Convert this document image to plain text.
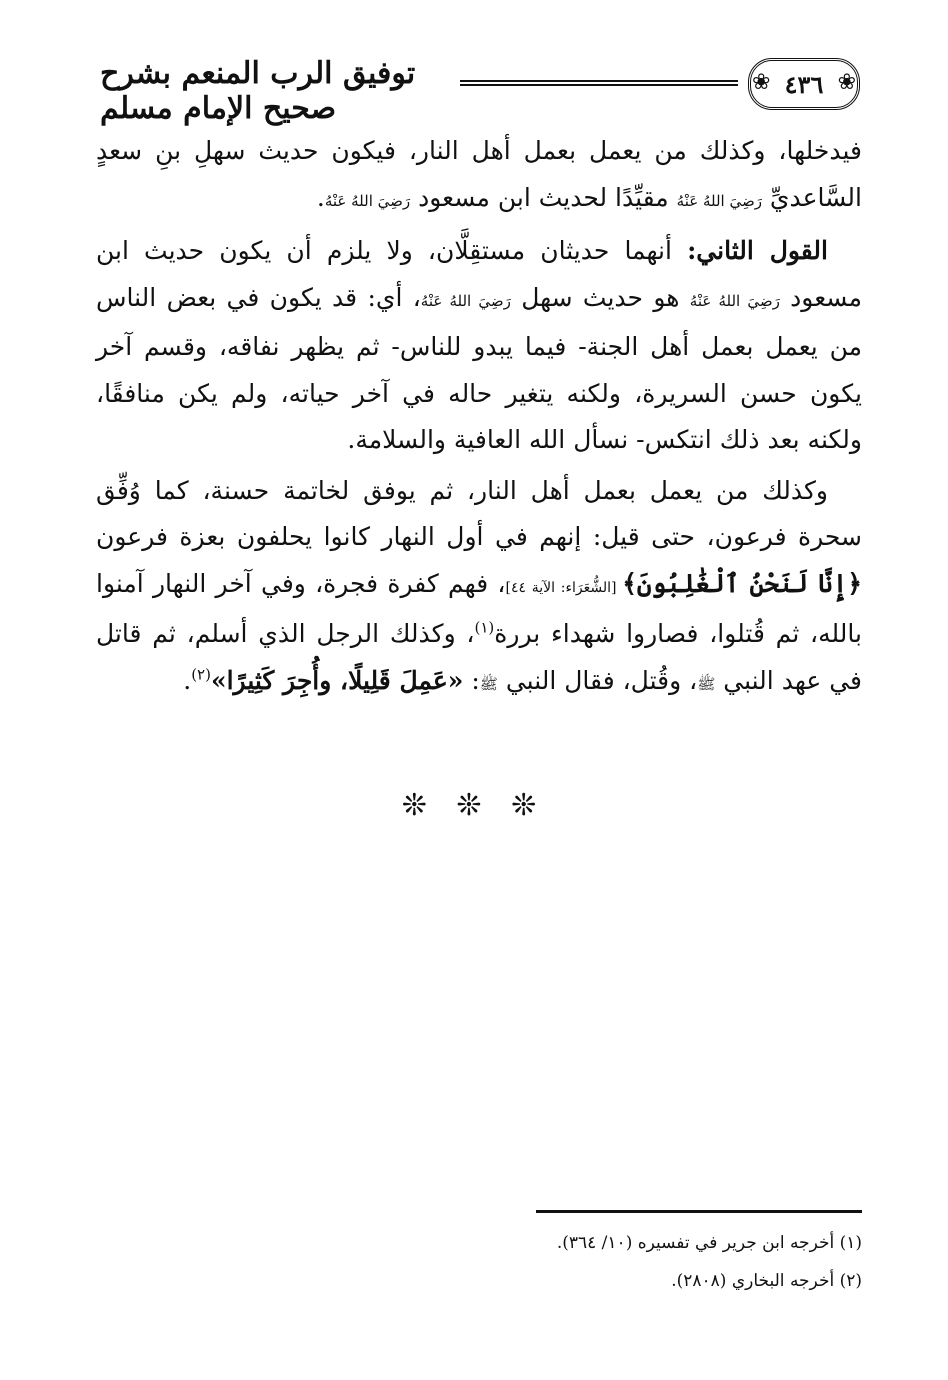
توفيق الرب المنعم بشرح صحيح الإمام مسلم
❀ ٤٣٦ ❀

فيدخلها، وكذلك من يعمل بعمل أهل النار، فيكون حديث سهلِ بنِ سعدٍ السَّاعديِّ رَضِيَ اللهُ عَنْهُ مقيِّدًا لحديث ابن مسعود رَضِيَ اللهُ عَنْهُ.

القول الثاني: أنهما حديثان مستقِلَّان، ولا يلزم أن يكون حديث ابن مسعود رَضِيَ اللهُ عَنْهُ هو حديث سهل رَضِيَ اللهُ عَنْهُ، أي: قد يكون في بعض الناس من يعمل بعمل أهل الجنة- فيما يبدو للناس- ثم يظهر نفاقه، وقسم آخر يكون حسن السريرة، ولكنه يتغير حاله في آخر حياته، ولم يكن منافقًا، ولكنه بعد ذلك انتكس- نسأل الله العافية والسلامة.

وكذلك من يعمل بعمل أهل النار، ثم يوفق لخاتمة حسنة، كما وُفِّق سحرة فرعون، حتى قيل: إنهم في أول النهار كانوا يحلفون بعزة فرعون ﴿إِنَّا لَنَحْنُ ٱلْغَٰلِبُونَ﴾ [الشُّعَرَاء: الآية ٤٤]، فهم كفرة فجرة، وفي آخر النهار آمنوا بالله، ثم قُتلوا، فصاروا شهداء بررة$^{(١)}$، وكذلك الرجل الذي أسلم، ثم قاتل في عهد النبي ﷺ، وقُتل، فقال النبي ﷺ: «عَمِلَ قَلِيلًا، وأُجِرَ كَثِيرًا»$^{(٢)}$.

❊ ❊ ❊
(١) أخرجه ابن جرير في تفسيره (١٠/ ٣٦٤).
(٢) أخرجه البخاري (٢٨٠٨).
